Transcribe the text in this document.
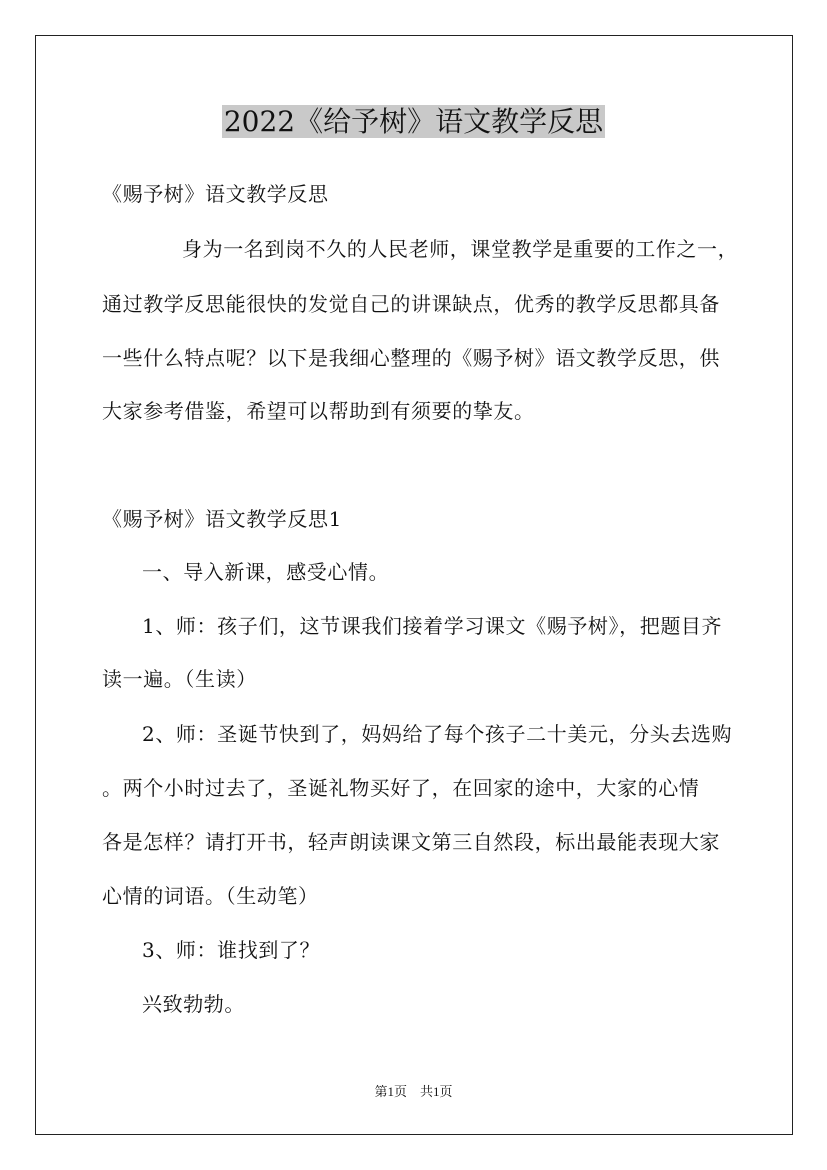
2022《给予树》语文教学反思
《赐予树》语文教学反思
身为一名到岗不久的人民老师，课堂教学是重要的工作之一，
通过教学反思能很快的发觉自己的讲课缺点，优秀的教学反思都具备
一些什么特点呢？以下是我细心整理的《赐予树》语文教学反思，供
大家参考借鉴，希望可以帮助到有须要的挚友。
《赐予树》语文教学反思1
一、导入新课，感受心情。
1、师：孩子们，这节课我们接着学习课文《赐予树》，把题目齐
读一遍。（生读）
2、师：圣诞节快到了，妈妈给了每个孩子二十美元，分头去选购
。两个小时过去了，圣诞礼物买好了，在回家的途中，大家的心情
各是怎样？请打开书，轻声朗读课文第三自然段，标出最能表现大家
心情的词语。（生动笔）
3、师：谁找到了？
兴致勃勃。
第1页　共1页
